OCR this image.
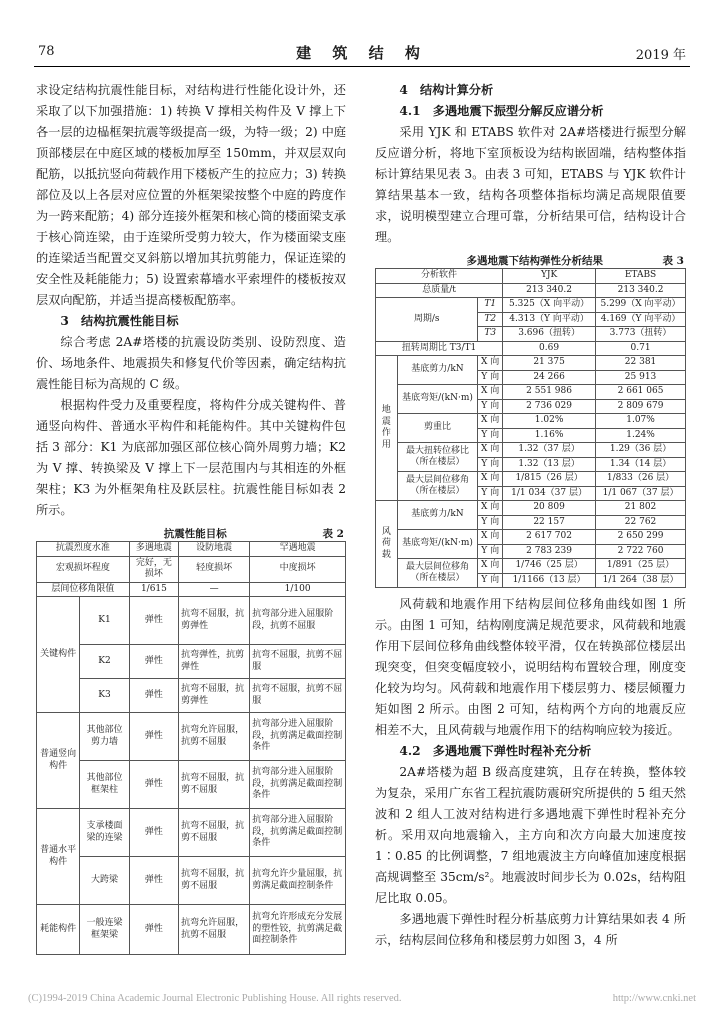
78	建 筑 结 构	2019 年

求设定结构抗震性能目标，对结构进行性能化设计外，还采取了以下加强措施：1) 转换 V 撑相关构件及 V 撑上下各一层的边榀框架抗震等级提高一级，为特一级；2) 中庭顶部楼层在中庭区域的楼板加厚至 150mm，并双层双向配筋，以抵抗竖向荷载作用下楼板产生的拉应力；3) 转换部位及以上各层对应位置的外框架梁按整个中庭的跨度作为一跨来配筋；4) 部分连接外框架和核心筒的楼面梁支承于核心筒连梁，由于连梁所受剪力较大，作为楼面梁支座的连梁适当配置交叉斜筋以增加其抗剪能力，保证连梁的安全性及耗能能力；5) 设置索幕墙水平索埋件的楼板按双层双向配筋，并适当提高楼板配筋率。

3　结构抗震性能目标

综合考虑 2A#塔楼的抗震设防类别、设防烈度、造价、场地条件、地震损失和修复代价等因素，确定结构抗震性能目标为高规的 C 级。

根据构件受力及重要程度，将构件分成关键构件、普通竖向构件、普通水平构件和耗能构件。其中关键构件包括 3 部分：K1 为底部加强区部位核心筒外周剪力墙；K2 为 V 撑、转换梁及 V 撑上下一层范围内与其相连的外框架柱；K3 为外框架角柱及跃层柱。抗震性能目标如表 2 所示。

抗震性能目标	表 2
抗震烈度水准		多遇地震	设防地震	罕遇地震
宏观损坏程度		完好，无损坏	轻度损坏	中度损坏
层间位移角限值		1/615	—	1/100
关键构件	K1	弹性	抗弯不屈服，抗剪弹性	抗弯部分进入屈服阶段，抗剪不屈服
	K2	弹性	抗弯弹性，抗剪弹性	抗弯不屈服，抗剪不屈服
	K3	弹性	抗弯不屈服，抗剪弹性	抗弯不屈服，抗剪不屈服
普通竖向构件	其他部位剪力墙	弹性	抗弯允许屈服，抗剪不屈服	抗弯部分进入屈服阶段，抗剪满足截面控制条件
	其他部位框架柱	弹性	抗弯不屈服，抗剪不屈服	抗弯部分进入屈服阶段，抗剪满足截面控制条件
普通水平构件	支承楼面梁的连梁	弹性	抗弯不屈服，抗剪不屈服	抗弯部分进入屈服阶段，抗剪满足截面控制条件
	大跨梁	弹性	抗弯不屈服，抗剪不屈服	抗弯允许少量屈服，抗剪满足截面控制条件
耗能构件	一般连梁框架梁	弹性	抗弯允许屈服，抗剪不屈服	抗弯允许形成充分发展的塑性铰，抗剪满足截面控制条件

4　结构计算分析

4.1　多遇地震下振型分解反应谱分析

采用 YJK 和 ETABS 软件对 2A#塔楼进行振型分解反应谱分析，将地下室顶板设为结构嵌固端，结构整体指标计算结果见表 3。由表 3 可知，ETABS 与 YJK 软件计算结果基本一致，结构各项整体指标均满足高规限值要求，说明模型建立合理可靠，分析结果可信，结构设计合理。

多遇地震下结构弹性分析结果	表 3
分析软件			YJK	ETABS
总质量/t			213 340.2	213 340.2
周期/s		T1	5.325（X 向平动）	5.299（X 向平动）
		T2	4.313（Y 向平动）	4.169（Y 向平动）
		T3	3.696（扭转）	3.773（扭转）
扭转周期比 T3/T1			0.69	0.71
地震作用	基底剪力/kN	X 向	21 375	22 381
		Y 向	24 266	25 913
	基底弯矩/(kN·m)	X 向	2 551 986	2 661 065
		Y 向	2 736 029	2 809 679
	剪重比	X 向	1.02%	1.07%
		Y 向	1.16%	1.24%
	最大扭转位移比（所在楼层）	X 向	1.32（37 层）	1.29（36 层）
		Y 向	1.32（13 层）	1.34（14 层）
	最大层间位移角（所在楼层）	X 向	1/815（26 层）	1/833（26 层）
		Y 向	1/1 034（37 层）	1/1 067（37 层）
风荷载	基底剪力/kN	X 向	20 809	21 802
		Y 向	22 157	22 762
	基底弯矩/(kN·m)	X 向	2 617 702	2 650 299
		Y 向	2 783 239	2 722 760
	最大层间位移角（所在楼层）	X 向	1/746（25 层）	1/891（25 层）
		Y 向	1/1166（13 层）	1/1 264（38 层）

风荷载和地震作用下结构层间位移角曲线如图 1 所示。由图 1 可知，结构刚度满足规范要求，风荷载和地震作用下层间位移角曲线整体较平滑，仅在转换部位楼层出现突变，但突变幅度较小，说明结构布置较合理，刚度变化较为均匀。风荷载和地震作用下楼层剪力、楼层倾覆力矩如图 2 所示。由图 2 可知，结构两个方向的地震反应相差不大，且风荷载与地震作用下的结构响应较为接近。

4.2　多遇地震下弹性时程补充分析

2A#塔楼为超 B 级高度建筑，且存在转换，整体较为复杂，采用广东省工程抗震防震研究所提供的 5 组天然波和 2 组人工波对结构进行多遇地震下弹性时程补充分析。采用双向地震输入，主方向和次方向最大加速度按 1∶0.85 的比例调整，7 组地震波主方向峰值加速度根据高规调整至 35cm/s²。地震波时间步长为 0.02s，结构阻尼比取 0.05。

多遇地震下弹性时程分析基底剪力计算结果如表 4 所示，结构层间位移角和楼层剪力如图 3，4 所

(C)1994-2019 China Academic Journal Electronic Publishing House. All rights reserved.	http://www.cnki.net
